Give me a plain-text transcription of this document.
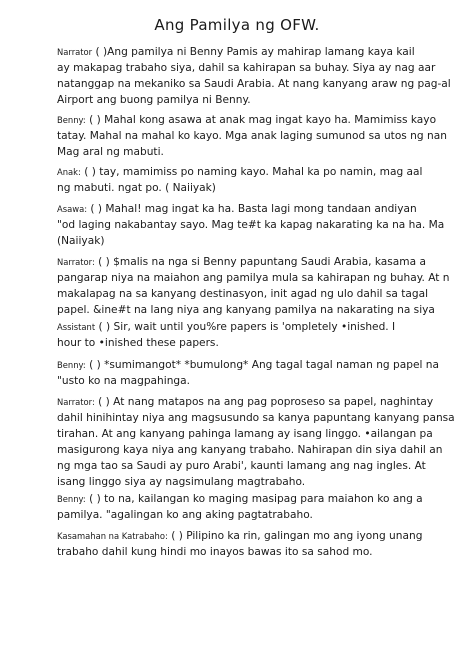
Ang Pamilya ng OFW.
Narrator ( )Ang pamilya ni Benny Pamis ay mahirap lamang kaya kail
ay makapag trabaho siya, dahil sa kahirapan sa buhay. Siya ay nag aar
natanggap na mekaniko sa Saudi Arabia. At nang kanyang araw ng pag-al
Airport ang buong pamilya ni Benny.
Benny: ( ) Mahal kong asawa at anak mag ingat kayo ha. Mamimiss kayo
tatay. Mahal na mahal ko kayo. Mga anak laging sumunod sa utos ng nan
Mag aral ng mabuti.
Anak: ( ) tay, mamimiss po naming kayo. Mahal ka po namin, mag aal
ng mabuti. ngat po. ( Naiiyak)
Asawa: ( ) Mahal! mag ingat ka ha. Basta lagi mong tandaan andiyan
"od laging nakabantay sayo. Mag te#t ka kapag nakarating ka na ha. Ma
(Naiiyak)
Narrator: ( ) $malis na nga si Benny papuntang Saudi Arabia, kasama a
pangarap niya na maiahon ang pamilya mula sa kahirapan ng buhay. At n
makalapag na sa kanyang destinasyon, init agad ng ulo dahil sa tagal
papel. &ine#t na lang niya ang kanyang pamilya na nakarating na siya
Assistant ( ) Sir, wait until you%re papers is 'ompletely •inished. I
hour to •inished these papers.
Benny: ( ) *sumimangot* *bumulong* Ang tagal tagal naman ng papel na
"usto ko na magpahinga.
Narrator: ( ) At nang matapos na ang pag poproseso sa papel, naghintay
dahil hinihintay niya ang magsusundo sa kanya papuntang kanyang pansa
tirahan. At ang kanyang pahinga lamang ay isang linggo. •ailangan pa
masigurong kaya niya ang kanyang trabaho. Nahirapan din siya dahil an
ng mga tao sa Saudi ay puro Arabi', kaunti lamang ang nag ingles. At
isang linggo siya ay nagsimulang magtrabaho.
Benny: ( ) to na, kailangan ko maging masipag para maiahon ko ang a
pamilya. "agalingan ko ang aking pagtatrabaho.
Kasamahan na Katrabaho: ( ) Pilipino ka rin, galingan mo ang iyong unang
trabaho dahil kung hindi mo inayos bawas ito sa sahod mo.
